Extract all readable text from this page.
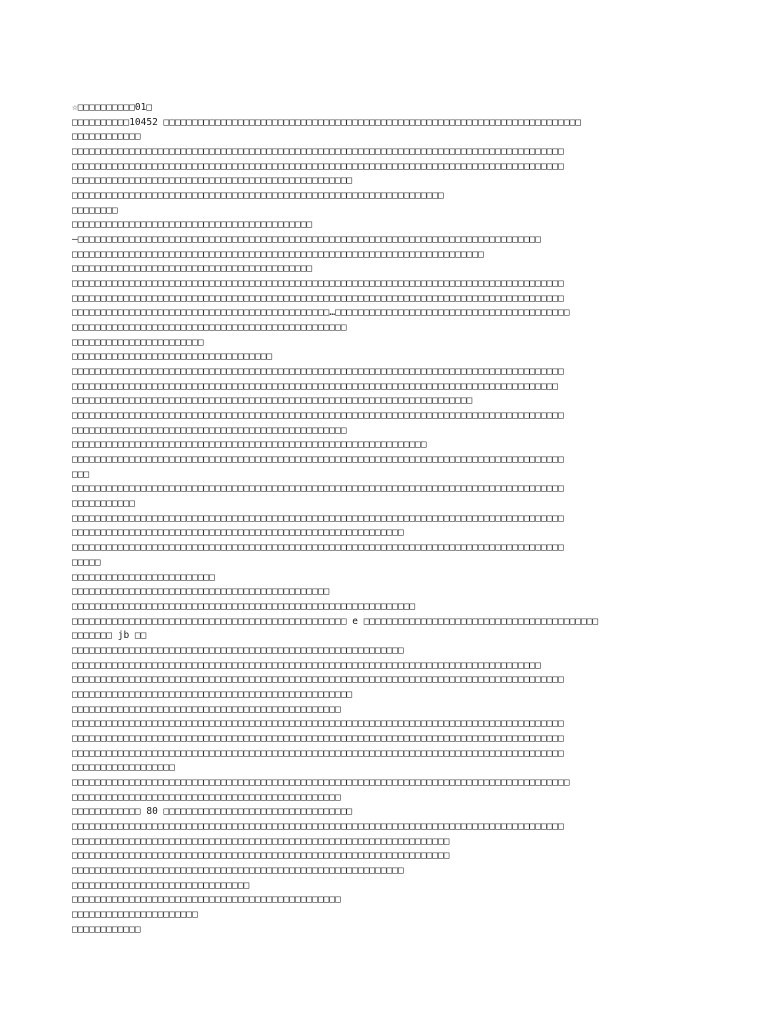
☆□□□□□□□□□□01□
□□□□□□□□□□10452 □□□□□□□□□□□□□□□□□□□□□□□□□□□□□□□□□□□□□□□□□□□□□□□□□□□□□□□□□□□□□□□□□□□□□□□□□
□□□□□□□□□□□□
□□□□□□□□□□□□□□□□□□□□□□□□□□□□□□□□□□□□□□□□□□□□□□□□□□□□□□□□□□□□□□□□□□□□□□□□□□□□□□□□□□□□□□
□□□□□□□□□□□□□□□□□□□□□□□□□□□□□□□□□□□□□□□□□□□□□□□□□□□□□□□□□□□□□□□□□□□□□□□□□□□□□□□□□□□□□□
□□□□□□□□□□□□□□□□□□□□□□□□□□□□□□□□□□□□□□□□□□□□□□□□□
□□□□□□□□□□□□□□□□□□□□□□□□□□□□□□□□□□□□□□□□□□□□□□□□□□□□□□□□□□□□□□□□□
□□□□□□□□
□□□□□□□□□□□□□□□□□□□□□□□□□□□□□□□□□□□□□□□□□□
—□□□□□□□□□□□□□□□□□□□□□□□□□□□□□□□□□□□□□□□□□□□□□□□□□□□□□□□□□□□□□□□□□□□□□□□□□□□□□□□□□
□□□□□□□□□□□□□□□□□□□□□□□□□□□□□□□□□□□□□□□□□□□□□□□□□□□□□□□□□□□□□□□□□□□□□□□□
□□□□□□□□□□□□□□□□□□□□□□□□□□□□□□□□□□□□□□□□□□
□□□□□□□□□□□□□□□□□□□□□□□□□□□□□□□□□□□□□□□□□□□□□□□□□□□□□□□□□□□□□□□□□□□□□□□□□□□□□□□□□□□□□□
□□□□□□□□□□□□□□□□□□□□□□□□□□□□□□□□□□□□□□□□□□□□□□□□□□□□□□□□□□□□□□□□□□□□□□□□□□□□□□□□□□□□□□
□□□□□□□□□□□□□□□□□□□□□□□□□□□□□□□□□□□□□□□□□□□□□…□□□□□□□□□□□□□□□□□□□□□□□□□□□□□□□□□□□□□□□□□
□□□□□□□□□□□□□□□□□□□□□□□□□□□□□□□□□□□□□□□□□□□□□□□□
□□□□□□□□□□□□□□□□□□□□□□□
□□□□□□□□□□□□□□□□□□□□□□□□□□□□□□□□□□□
□□□□□□□□□□□□□□□□□□□□□□□□□□□□□□□□□□□□□□□□□□□□□□□□□□□□□□□□□□□□□□□□□□□□□□□□□□□□□□□□□□□□□□
□□□□□□□□□□□□□□□□□□□□□□□□□□□□□□□□□□□□□□□□□□□□□□□□□□□□□□□□□□□□□□□□□□□□□□□□□□□□□□□□□□□□□
□□□□□□□□□□□□□□□□□□□□□□□□□□□□□□□□□□□□□□□□□□□□□□□□□□□□□□□□□□□□□□□□□□□□□□
□□□□□□□□□□□□□□□□□□□□□□□□□□□□□□□□□□□□□□□□□□□□□□□□□□□□□□□□□□□□□□□□□□□□□□□□□□□□□□□□□□□□□□
□□□□□□□□□□□□□□□□□□□□□□□□□□□□□□□□□□□□□□□□□□□□□□□□
□□□□□□□□□□□□□□□□□□□□□□□□□□□□□□□□□□□□□□□□□□□□□□□□□□□□□□□□□□□□□□
□□□□□□□□□□□□□□□□□□□□□□□□□□□□□□□□□□□□□□□□□□□□□□□□□□□□□□□□□□□□□□□□□□□□□□□□□□□□□□□□□□□□□□
□□□
□□□□□□□□□□□□□□□□□□□□□□□□□□□□□□□□□□□□□□□□□□□□□□□□□□□□□□□□□□□□□□□□□□□□□□□□□□□□□□□□□□□□□□
□□□□□□□□□□□
□□□□□□□□□□□□□□□□□□□□□□□□□□□□□□□□□□□□□□□□□□□□□□□□□□□□□□□□□□□□□□□□□□□□□□□□□□□□□□□□□□□□□□
□□□□□□□□□□□□□□□□□□□□□□□□□□□□□□□□□□□□□□□□□□□□□□□□□□□□□□□□□□
□□□□□□□□□□□□□□□□□□□□□□□□□□□□□□□□□□□□□□□□□□□□□□□□□□□□□□□□□□□□□□□□□□□□□□□□□□□□□□□□□□□□□□
□□□□□
□□□□□□□□□□□□□□□□□□□□□□□□□
□□□□□□□□□□□□□□□□□□□□□□□□□□□□□□□□□□□□□□□□□□□□□
□□□□□□□□□□□□□□□□□□□□□□□□□□□□□□□□□□□□□□□□□□□□□□□□□□□□□□□□□□□□
□□□□□□□□□□□□□□□□□□□□□□□□□□□□□□□□□□□□□□□□□□□□□□□□ e □□□□□□□□□□□□□□□□□□□□□□□□□□□□□□□□□□□□□□□□□
□□□□□□□ jb □□
□□□□□□□□□□□□□□□□□□□□□□□□□□□□□□□□□□□□□□□□□□□□□□□□□□□□□□□□□□
□□□□□□□□□□□□□□□□□□□□□□□□□□□□□□□□□□□□□□□□□□□□□□□□□□□□□□□□□□□□□□□□□□□□□□□□□□□□□□□□□□
□□□□□□□□□□□□□□□□□□□□□□□□□□□□□□□□□□□□□□□□□□□□□□□□□□□□□□□□□□□□□□□□□□□□□□□□□□□□□□□□□□□□□□
□□□□□□□□□□□□□□□□□□□□□□□□□□□□□□□□□□□□□□□□□□□□□□□□□
□□□□□□□□□□□□□□□□□□□□□□□□□□□□□□□□□□□□□□□□□□□□□□□
□□□□□□□□□□□□□□□□□□□□□□□□□□□□□□□□□□□□□□□□□□□□□□□□□□□□□□□□□□□□□□□□□□□□□□□□□□□□□□□□□□□□□□
□□□□□□□□□□□□□□□□□□□□□□□□□□□□□□□□□□□□□□□□□□□□□□□□□□□□□□□□□□□□□□□□□□□□□□□□□□□□□□□□□□□□□□
□□□□□□□□□□□□□□□□□□□□□□□□□□□□□□□□□□□□□□□□□□□□□□□□□□□□□□□□□□□□□□□□□□□□□□□□□□□□□□□□□□□□□□
□□□□□□□□□□□□□□□□□□
□□□□□□□□□□□□□□□□□□□□□□□□□□□□□□□□□□□□□□□□□□□□□□□□□□□□□□□□□□□□□□□□□□□□□□□□□□□□□□□□□□□□□□□
□□□□□□□□□□□□□□□□□□□□□□□□□□□□□□□□□□□□□□□□□□□□□□□
□□□□□□□□□□□□ 80 □□□□□□□□□□□□□□□□□□□□□□□□□□□□□□□□□
□□□□□□□□□□□□□□□□□□□□□□□□□□□□□□□□□□□□□□□□□□□□□□□□□□□□□□□□□□□□□□□□□□□□□□□□□□□□□□□□□□□□□□
□□□□□□□□□□□□□□□□□□□□□□□□□□□□□□□□□□□□□□□□□□□□□□□□□□□□□□□□□□□□□□□□□□
□□□□□□□□□□□□□□□□□□□□□□□□□□□□□□□□□□□□□□□□□□□□□□□□□□□□□□□□□□□□□□□□□□
□□□□□□□□□□□□□□□□□□□□□□□□□□□□□□□□□□□□□□□□□□□□□□□□□□□□□□□□□□
□□□□□□□□□□□□□□□□□□□□□□□□□□□□□□□
□□□□□□□□□□□□□□□□□□□□□□□□□□□□□□□□□□□□□□□□□□□□□□□
□□□□□□□□□□□□□□□□□□□□□□
□□□□□□□□□□□□
